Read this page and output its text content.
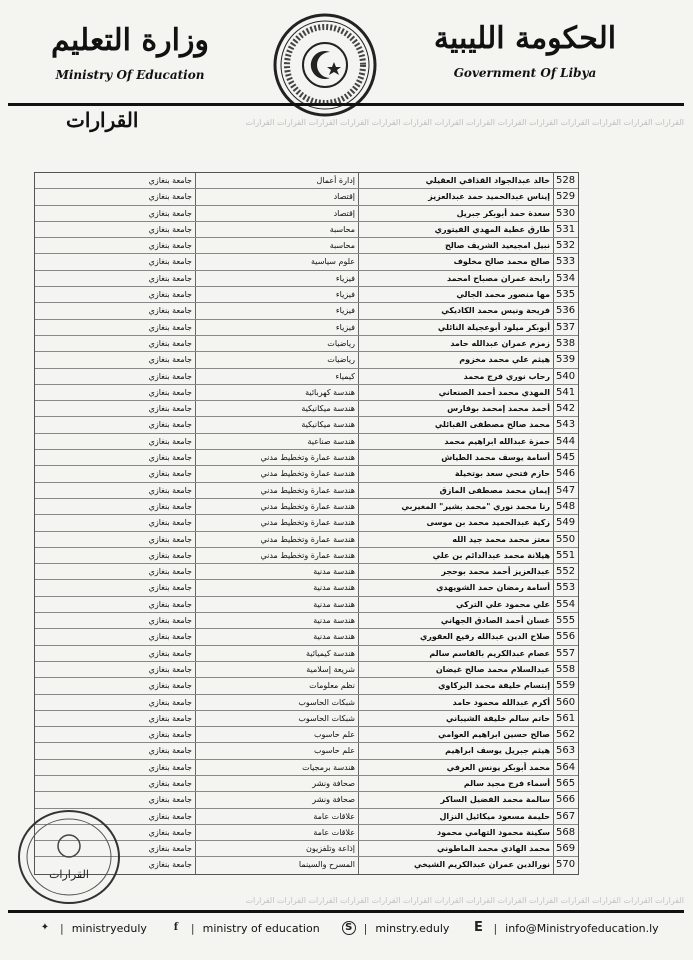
وزارة التعليم
Ministry Of Education
الحكومة الليبية
Government Of Libya
القرارات القرارات القرارات القرارات القرارات القرارات القرارات القرارات القرارات القرارات القرارات القرارات القرارات القرارات
القرارات
جامعة بنغازي	إدارة أعمال	خالد عبدالجواد القذافي العقيلي 528
جامعة بنغازي	إقتصاد	إيناس عبدالحميد حمد عبدالعزيز 529
جامعة بنغازي	إقتصاد	سعدة حمد أبوبكر جبريل 530
جامعة بنغازي	محاسبة	طارق عطية المهدي الفيتوري 531
جامعة بنغازي	محاسبة	نبيل امجيعيد الشريف صالح 532
جامعة بنغازي	علوم سياسية	صالح محمد صالح مخلوف 533
جامعة بنغازي	فيزياء	رابحة عمران مصباح امحمد 534
جامعة بنغازي	فيزياء	مها منصور محمد الجالي 535
جامعة بنغازي	فيزياء	فريحة ونيس محمد الكاديكي 536
جامعة بنغازي	فيزياء	أبوبكر ميلود أبوعجيلة النائلي 537
جامعة بنغازي	رياضيات	زمزم عمران عبدالله حامد 538
جامعة بنغازي	رياضيات	هيثم علي محمد مخزوم 539
جامعة بنغازي	كيمياء	رحاب نوري فرج محمد 540
جامعة بنغازي	هندسة كهربائية	المهدي محمد أحمد الصنعاني 541
جامعة بنغازي	هندسة ميكانيكية	أحمد محمد إمحمد بوفارس 542
جامعة بنغازي	هندسة ميكانيكية	محمد صالح مصطفى القبائلي 543
جامعة بنغازي	هندسة صناعية	حمزة عبدالله ابراهيم محمد 544
جامعة بنغازي	هندسة عمارة وتخطيط مدني	أسامة يوسف محمد الطياش 545
جامعة بنغازي	هندسة عمارة وتخطيط مدني	حازم فتحي سعد بوتخيلة 546
جامعة بنغازي	هندسة عمارة وتخطيط مدني	إيمان محمد مصطفى المازق 547
جامعة بنغازي	هندسة عمارة وتخطيط مدني	رنا محمد نوري "محمد بشير" المغيربي 548
جامعة بنغازي	هندسة عمارة وتخطيط مدني	زكية عبدالحميد محمد بن موسى 549
جامعة بنغازي	هندسة عمارة وتخطيط مدني	معتز محمد محمد جيد الله 550
جامعة بنغازي	هندسة عمارة وتخطيط مدني	هيلانة محمد عبدالدائم بن علي 551
جامعة بنغازي	هندسة مدنية	عبدالعزيز أحمد محمد بوحجر 552
جامعة بنغازي	هندسة مدنية	أسامة رمضان حمد الشويهدي 553
جامعة بنغازي	هندسة مدنية	علي محمود علي التركي 554
جامعة بنغازي	هندسة مدنية	غسان أحمد الصادق الجهاني 555
جامعة بنغازي	هندسة مدنية	صلاح الدين عبدالله رفيع العقوري 556
جامعة بنغازي	هندسة كيميائية	عصام عبدالكريم بالقاسم سالم 557
جامعة بنغازي	شريعة إسلامية	عبدالسلام محمد صالح غيضان 558
جامعة بنغازي	نظم معلومات	إبتسام خليفة محمد البركاوي 559
جامعة بنغازي	شبكات الحاسوب	أكرم عبدالله محمود حامد 560
جامعة بنغازي	شبكات الحاسوب	حاتم سالم خليفة الشيباني 561
جامعة بنغازي	علم حاسوب	صالح حسين ابراهيم العوامي 562
جامعة بنغازي	علم حاسوب	هيثم جبريل يوسف ابراهيم 563
جامعة بنغازي	هندسة برمجيات	محمد أبوبكر يونس العرفي 564
جامعة بنغازي	صحافة ونشر	أسماء فرج مجيد سالم 565
جامعة بنغازي	صحافة ونشر	سالمة محمد الفضيل الساكر 566
جامعة بنغازي	علاقات عامة	حليمة مسعود ميكائيل النزال 567
جامعة بنغازي	علاقات عامة	سكينة محمود التهامي محمود 568
جامعة بنغازي	إذاعة وتلفزيون	محمد الهادي محمد الماطوني 569
جامعة بنغازي	المسرح والسينما	نورالدين عمران عبدالكريم الشيخي 570
القرارات
القرارات القرارات القرارات القرارات القرارات القرارات القرارات القرارات القرارات القرارات القرارات القرارات القرارات القرارات
✦ | ministryeduly	f	| ministry of education	S	| minstry.eduly E | info@Ministryofeducation.ly
